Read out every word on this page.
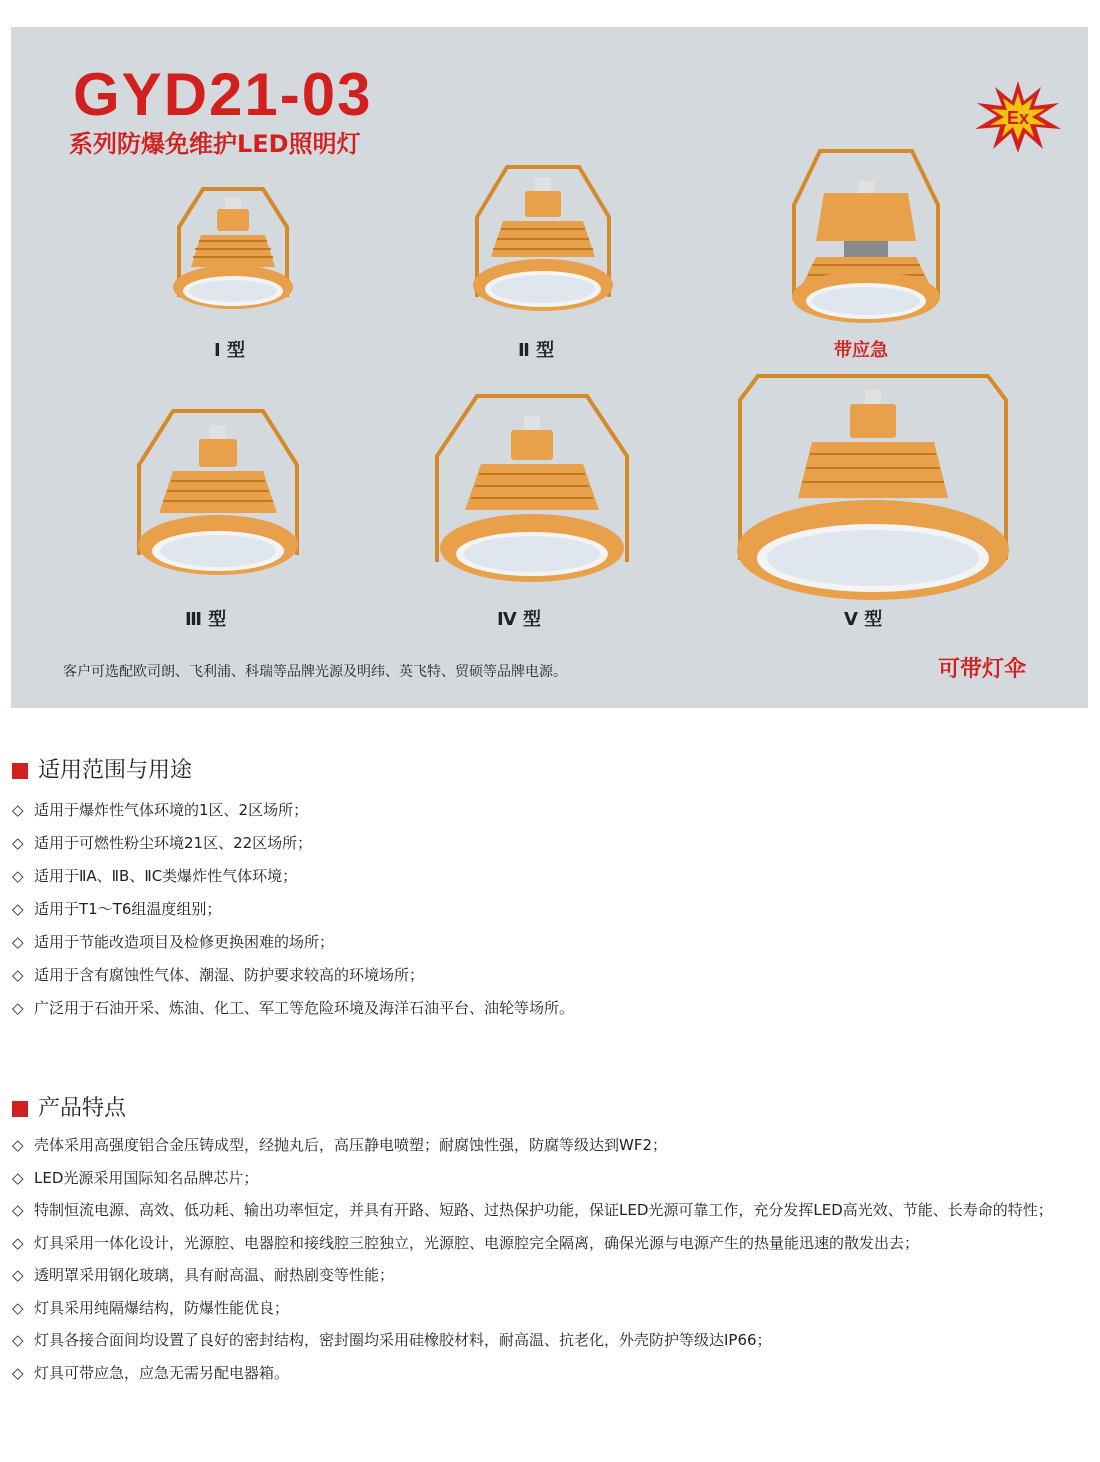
GYD21-03
系列防爆免维护LED照明灯
Ex
Ⅰ 型	Ⅱ 型	带应急
Ⅲ 型	Ⅳ 型	Ⅴ 型
客户可选配欧司朗、飞利浦、科瑞等品牌光源及明纬、英飞特、贸硕等品牌电源。	可带灯伞
适用范围与用途
◇ 适用于爆炸性气体环境的1区、2区场所；
◇ 适用于可燃性粉尘环境21区、22区场所；
◇ 适用于ⅡA、ⅡB、ⅡC类爆炸性气体环境；
◇ 适用于T1～T6组温度组别；
◇ 适用于节能改造项目及检修更换困难的场所；
◇ 适用于含有腐蚀性气体、潮湿、防护要求较高的环境场所；
◇ 广泛用于石油开采、炼油、化工、军工等危险环境及海洋石油平台、油轮等场所。
产品特点
◇ 壳体采用高强度铝合金压铸成型，经抛丸后，高压静电喷塑；耐腐蚀性强，防腐等级达到WF2；
◇ LED光源采用国际知名品牌芯片；
◇ 特制恒流电源、高效、低功耗、输出功率恒定，并具有开路、短路、过热保护功能，保证LED光源可靠工作，充分发挥LED高光效、节能、长寿命的特性；
◇ 灯具采用一体化设计，光源腔、电器腔和接线腔三腔独立，光源腔、电源腔完全隔离，确保光源与电源产生的热量能迅速的散发出去；
◇ 透明罩采用钢化玻璃，具有耐高温、耐热剧变等性能；
◇ 灯具采用纯隔爆结构，防爆性能优良；
◇ 灯具各接合面间均设置了良好的密封结构，密封圈均采用硅橡胶材料，耐高温、抗老化，外壳防护等级达IP66；
◇ 灯具可带应急，应急无需另配电器箱。
